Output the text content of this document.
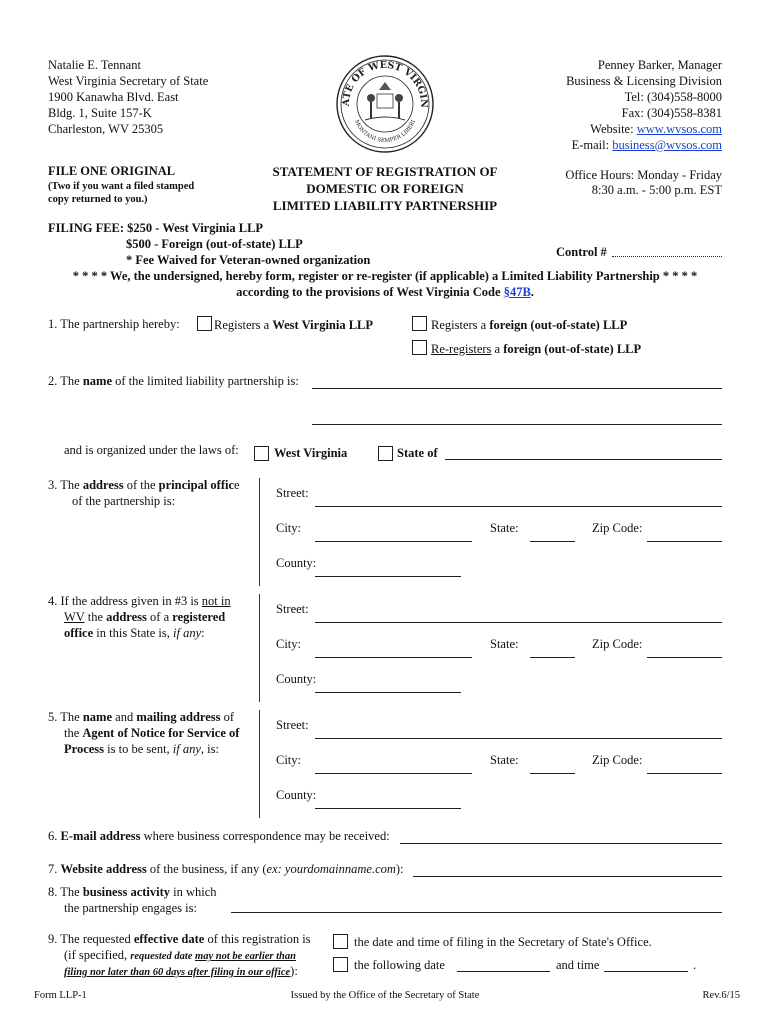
Natalie E. Tennant
West Virginia Secretary of State
1900 Kanawha Blvd. East
Bldg. 1, Suite 157-K
Charleston, WV 25305
ATE OF WEST VIRGIN
MONTANI SEMPER LIBERI
Penney Barker, Manager
Business & Licensing Division
Tel: (304)558-8000
Fax: (304)558-8381
Website: www.wvsos.com
E-mail: business@wvsos.com
FILE ONE ORIGINAL
(Two if you want a filed stamped
copy returned to you.)
STATEMENT OF REGISTRATION OF
DOMESTIC OR FOREIGN
LIMITED LIABILITY PARTNERSHIP
Office Hours: Monday - Friday
8:30 a.m. - 5:00 p.m. EST
FILING FEE: $250 - West Virginia LLP
$500 - Foreign (out-of-state) LLP
* Fee Waived for Veteran-owned organization
Control #
* * * * We, the undersigned, hereby form, register or re-register (if applicable) a Limited Liability Partnership * * * *
according to the provisions of West Virginia Code §47B.
1. The partnership hereby:	Registers a West Virginia LLP	Registers a foreign (out-of-state) LLP
Re-registers a foreign (out-of-state) LLP
2. The name of the limited liability partnership is:
and is organized under the laws of:	West Virginia	State of
3. The address of the principal office
of the partnership is:
Street:
City:	State:	Zip Code:
County:
4. If the address given in #3 is not in
WV the address of a registered
office in this State is, if any:
Street:
City:	State:	Zip Code:
County:
5. The name and mailing address of
the Agent of Notice for Service of
Process is to be sent, if any, is:
Street:
City:	State:	Zip Code:
County:
6. E-mail address where business correspondence may be received:
7. Website address of the business, if any (ex: yourdomainname.com):
8. The business activity in which
the partnership engages is:
9. The requested effective date of this registration is
(if specified, requested date may not be earlier than
filing nor later than 60 days after filing in our office):
the date and time of filing in the Secretary of State's Office.
the following date	and time	.
Form LLP-1	Issued by the Office of the Secretary of State	Rev.6/15
